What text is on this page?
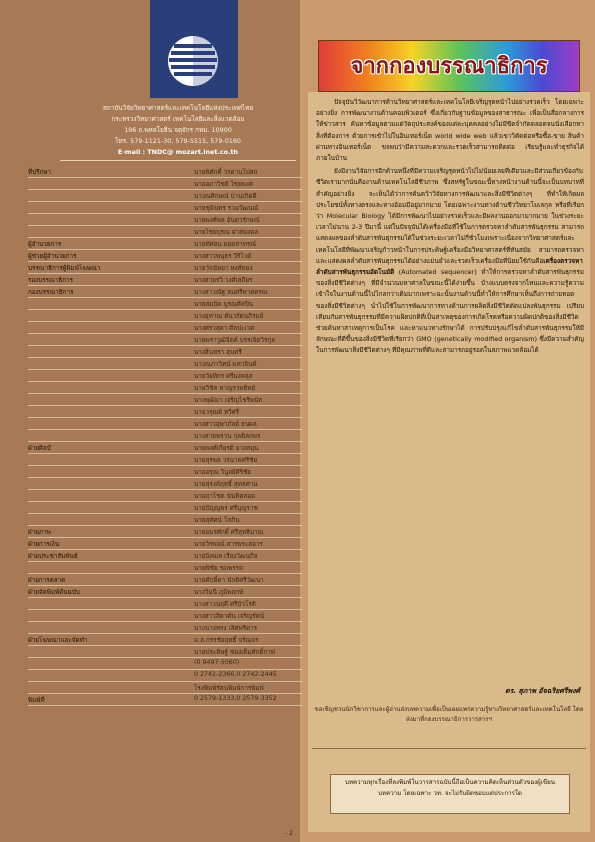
สถาบันวิจัยวิทยาศาสตร์และเทคโนโลยีแห่งประเทศไทย
กระทรวงวิทยาศาสตร์ เทคโนโลยีและสิ่งแวดล้อม
196 ถ.พหลโยธิน จตุจักร กทม. 10900
โทร. 579-1121-30, 579-5515, 579-0160
E-mail : TNDC@ mozart.inet.co.th
ที่ปรึกษา	นายพิศักดิ์ วรดานโปสถ
นายอภาวิชย์ ไชยพงศ
นางณศิกษณ์ ปานเกิดดี
นายชุมินทร รวมวัฒนณ์
นายพงศ์พล อันดวรักษณ์
นายไชยบุรณ ฝาสมงคล
ผู้อำนวยการ	นายทัศยน ยอดสาทรณ์
ผู้ช่วยผู้อำนวยการ	นางสาวพนุธร วิริไวด์
บรรณาธิการผู้พิมพ์โฆษณา	นายวัจนัษยา หงส์ทอง
รองบรรณาธิการ	นางสายรวิ วงศ์เสถียร
กองบรรณาธิการ	นางสาวณัฐ สมศรีทาตตรณ
นายสมบิต บูรณศิลปิน
นางอุทาณ ตันวรัตนภิรมย์
นางศรวสุดา ศิลปะเวศ
นายพราวูฒิจิตต์ บรรเจิดวิรกุล
นางสินทรา สุนทรี
นางณภาวิทน์ มหาจินต์
นายวัยทิกร ศรีมงคลุล
นายวิชิต หาญรวทธิทย์
นางพุฒิมา เจริญไชรีพนัส
นายวรุณย์ ทวีศรี
นางสาวอุษาภัลย์ ธนผล
นางสายพรวน กุลดิลกพร
ฝ่ายศิลป์	นายพงศ์เกียรติ ยวงสมุน
นายสุรพล วรนาคศรีชัย
นายอรุณ วิบูลย์ศิริชัย
นายสุรงค์ฤทธิ์ สุทธศาน
นายฤาโชต นันทิดลอด
นายปัญญพร ศรีบุญราช
นายสุทัศน์ โสภิน
ฝ่ายภาพ	นายอมรศักดิ์ ศรีสุทธิมาณ
ฝ่ายการเงิน	นายวิรพจน์ สารพระสอาร
ฝ่ายประชาสัมพันธ์	นายนิคมล เรียงวัฒนกิจ
นายพิชัย ชมพรรค
ฝ่ายการตลาด	นายศักดิ์ดา นักติศรีวัฒนา
ฝ่ายจัดพิมพ์ต้นฉบับ	นางวิมนี ภูมิพฤกษ์
นางสาวนฤตี ศรีบัวโรติ
นางสาวสิตาตัน เจริญรัตน์
นางนางทรง เลิศพรีดาร
ฝ่ายโฆษณาและจัดทำ	ม.ล.กรรชัยฤทธิ์ จรัณจร
นายประดิษฐ์ ช่องเต็มศักดิ์กาฬ
(0 9497-5060)
0 2742-2366,0 2742-2445
โรงพิมพ์รัตนพิมพ์การพิมพ์
พิมพ์ที่	0 2579-1333,0 2579-3352
จากกองบรรณาธิการ

ปัจจุบันวิวัฒนาการด้านวิทยาศาสตร์และเทคโนโลยีเจริญรุดหน้าไปอย่างรวดเร็ว โดยเฉพาะอย่างยิ่ง การพัฒนางานด้านคอมพิวเตอร์ ซึ่งเกี่ยวกับฐานข้อมูลของสาธารณะ เพื่อเป็นสื่อกลางการให้ข่าวสาร ค้นหาข้อมูลตามแต่วัตถุประสงค์ของแต่ละบุคคลอย่างไม่มีขีดจำกัดตลอดจนนั่งเลือกหาสิ่งที่ต้องการ ด้วยการเข้าไปในอินเทอร์เน็ต world wide web แล้วเขาวิตัดต่อหรือซื้อ-ขาย สินค้าผ่านทางอินเทอร์เน็ต ขจพบว่ามีความสะดวกและรวดเร็วสามารถติดต่อ เรียนรู้และทำธุรกิจได้ภายในบ้าน

ยังมีงานวิจัยการอีกด้านหนึ่งที่มีความเจริญรุดหน้าไปไม่น้อยเลยที่เดียวและมีส่วนเกี่ยวข้องกับชีวิตเรามากนั่นคืองานด้านเทคโนโลยีชีวภาพ ซึ่งสหรัฐในขณะนี้ทางหน้างานด้านนี้จะเป็นบทบาทที่สำคัญอย่างยิ่ง จะเห็นได้ว่าการค้นคว้าวิจัยทางการพัฒนาและสิ่งมีชีวิตต่างๆ ที่ทำให้เกิดผลประโยชน์ทั้งทางตรงและทางอ้อมมีอยู่มากมาย โดยเฉพาะงานทางด้านชีววิทยาโมเลกุล หรือที่เรียกว่า Molecular Biology ได้มีการพัฒนาไปอย่างรวดเร็วและมีผลงานออกมามากมาย ในช่วงระยะเวลาไม่นาน 2-3 ปีมานี้ แต่ในปัจจุบันได้เครื่องมือที่ใช้ในการตรวจหาลำดับสารพันธุกรรม สามารถแสดงผลของลำดับสารพันธุกรรมได้ในช่วงระยะเวลาไม่กี่ชั่วโมงเพราะเนื่องจากวิทยาศาสตร์และเทคโนโลยีที่พัฒนาเจริญก้าวหน้าในการประดิษฐ์เครื่องมือวิทยาศาสตร์ที่ทันสมัย สามารถตรวจหาและแสดงผลลำดับสารพันธุกรรมได้อย่างแม่นยำและรวดเร็วเครื่องมือที่นิยมใช้กันคือเครื่องตรวจหาลำดับสารพันธุกรรมอัตโนมัติ (Automated sequencer) ทำให้การตรวจหาลำดับสารพันธุกรรมของสิ่งมีชีวิตต่างๆ ที่มีจำนวนมหาศาลในขณะนี้ได้ง่ายขึ้น บ้างแบบตรงจากไหนและความรู้ความเข้าใจในงานด้านนี้ไปไกลกว่าเดิมมากเพราะฉะนั้นงานด้านนี้ทำให้การศึกษาเห็นถึงการถ่ายทอดของสิ่งมีชีวิตต่างๆ นำไปใช้ในการพัฒนาการทางด้านการผลิตสิ่งมีชีวิตดัดแปลงพันธุกรรม เปรียบเทียบกับสารพันธุกรรมที่มีความผิดปกติที่เป็นสาเหตุของการเกิดโรคหรือความผิดปกติของสิ่งมีชีวิต ช่วยค้นหาสาเหตุการเป็นโรค และหาแนวทางรักษาได้ การปรับปรุงแก้ไขลำดับสารพันธุกรรมให้มีลักษณะที่ดีขึ้นของสิ่งมีชีวิตที่เรียกว่า GMO (genetically modified organism) ซึ่งมีความสำคัญในการพัฒนาสิ่งมีชีวิตต่างๆ ที่มีคุณภาพที่ดีและสามารถอยู่รอดในสภาพแวดล้อมได้

ดร. สุภาพ อัจฉริยศรีพงศ์
ขอเชิญชวนนักวิชาการและผู้อ่านส่งบทความเพื่อเป็นเผยแพร่ความรู้ทางวิทยาศาสตร์และเทคโนโลยี โดยส่งมาที่กองบรรณาธิการวารสารฯ
บทความทุกเรื่องที่ลงพิมพ์ในวารสารฉบับนี้ถือเป็นความคิดเห็นส่วนตัวของผู้เขียนบทความ โดยเฉพาะ วท. จะไม่รับผิดชอบแต่ประการใด
- 2
